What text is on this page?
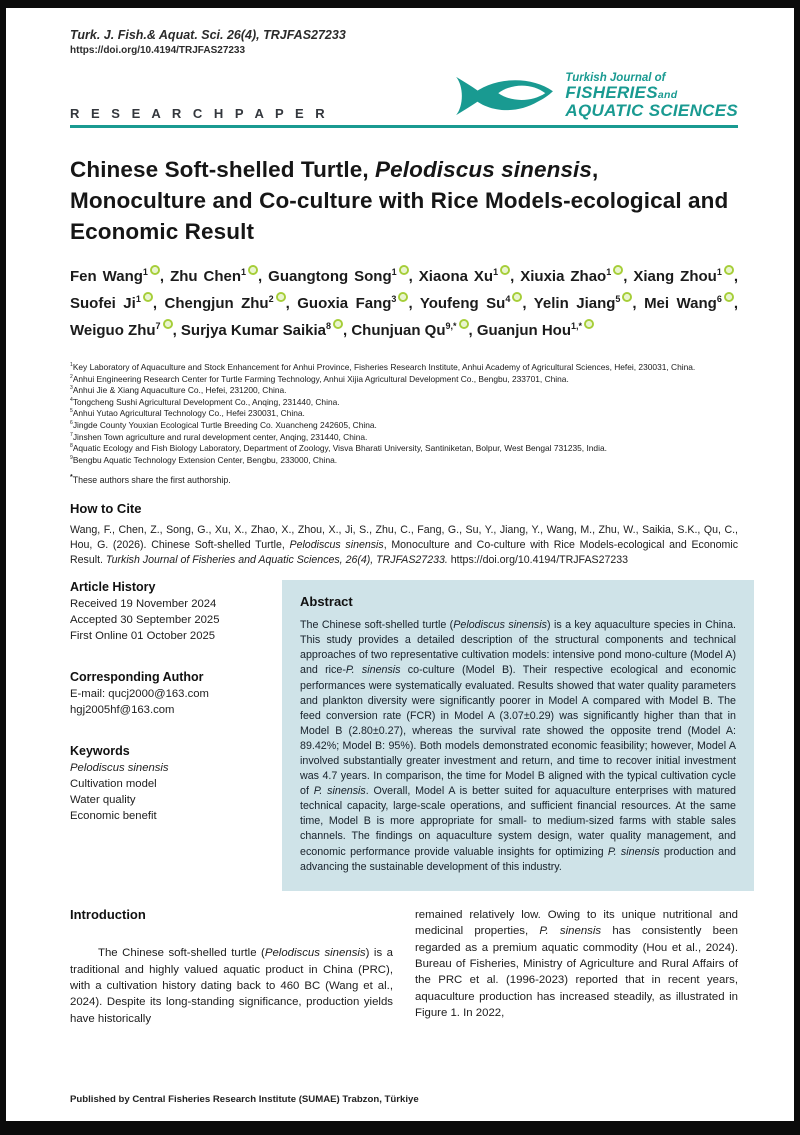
Turk. J. Fish.& Aquat. Sci. 26(4), TRJFAS27233
https://doi.org/10.4194/TRJFAS27233
R E S E A R C H P A P E R
Turkish Journal of
FISHERIESand
AQUATIC SCIENCES
Chinese Soft-shelled Turtle, Pelodiscus sinensis, Monoculture and Co-culture with Rice Models-ecological and Economic Result
Fen Wang$^1$ , Zhu Chen$^1$ , Guangtong Song$^1$ , Xiaona Xu$^1$ , Xiuxia Zhao$^1$ , Xiang Zhou$^1$ , Suofei Ji$^1$ , Chengjun Zhu$^2$ , Guoxia Fang$^3$ , Youfeng Su$^4$ , Yelin Jiang$^5$ , Mei Wang$^6$ , Weiguo Zhu$^7$ , Surjya Kumar Saikia$^8$ , Chunjuan $Qu^{9,*}$ , Guanjun Hou$^{1,*}$
$^1$Key Laboratory of Aquaculture and Stock Enhancement for Anhui Province, Fisheries Research Institute, Anhui Academy of Agricultural Sciences, Hefei, 230031, China.
$^2$Anhui Engineering Research Center for Turtle Farming Technology, Anhui Xijia Agricultural Development Co., Bengbu, 233701, China.
$^3$Anhui Jie & Xiang Aquaculture Co., Hefei, 231200, China.
$^4$Tongcheng Sushi Agricultural Development Co., Anqing, 231440, China.
$^5$Anhui Yutao Agricultural Technology Co., Hefei 230031, China.
$^6$Jingde County Youxian Ecological Turtle Breeding Co. Xuancheng 242605, China.
$^7$Jinshen Town agriculture and rural development center, Anqing, 231440, China.
$^8$Aquatic Ecology and Fish Biology Laboratory, Department of Zoology, Visva Bharati University, Santiniketan, Bolpur, West Bengal 731235, India.
$^9$Bengbu Aquatic Technology Extension Center, Bengbu, 233000, China.
*These authors share the first authorship.
How to Cite
Wang, F., Chen, Z., Song, G., Xu, X., Zhao, X., Zhou, X., Ji, S., Zhu, C., Fang, G., Su, Y., Jiang, Y., Wang, M., Zhu, W., Saikia, S.K., Qu, C., Hou, G. (2026). Chinese Soft-shelled Turtle, Pelodiscus sinensis, Monoculture and Co-culture with Rice Models-ecological and Economic Result. Turkish Journal of Fisheries and Aquatic Sciences, 26(4), TRJFAS27233. https://doi.org/10.4194/TRJFAS27233
Article History
Received 19 November 2024
Accepted 30 September 2025
First Online 01 October 2025
Corresponding Author
E-mail: qucj2000@163.com
hgj2005hf@163.com
Keywords
Pelodiscus sinensis
Cultivation model
Water quality
Economic benefit
Abstract
The Chinese soft-shelled turtle (Pelodiscus sinensis) is a key aquaculture species in China. This study provides a detailed description of the structural components and technical approaches of two representative cultivation models: intensive pond mono-culture (Model A) and rice-P. sinensis co-culture (Model B). Their respective ecological and economic performances were systematically evaluated. Results showed that water quality parameters and plankton diversity were significantly poorer in Model A compared with Model B. The feed conversion rate (FCR) in Model A (3.07±0.29) was significantly higher than that in Model B (2.80±0.27), whereas the survival rate showed the opposite trend (Model A: 89.42%; Model B: 95%). Both models demonstrated economic feasibility; however, Model A involved substantially greater investment and return, and time to recover initial investment was 4.7 years. In comparison, the time for Model B aligned with the typical cultivation cycle of P. sinensis. Overall, Model A is better suited for aquaculture enterprises with matured technical capacity, large-scale operations, and sufficient financial resources. At the same time, Model B is more appropriate for small- to medium-sized farms with stable sales channels. The findings on aquaculture system design, water quality management, and economic performance provide valuable insights for optimizing P. sinensis production and advancing the sustainable development of this industry.
Introduction

The Chinese soft-shelled turtle (Pelodiscus sinensis) is a traditional and highly valued aquatic product in China (PRC), with a cultivation history dating back to 460 BC (Wang et al., 2024). Despite its long-standing significance, production yields have historically

remained relatively low. Owing to its unique nutritional and medicinal properties, P. sinensis has consistently been regarded as a premium aquatic commodity (Hou et al., 2024). Bureau of Fisheries, Ministry of Agriculture and Rural Affairs of the PRC et al. (1996-2023) reported that in recent years, aquaculture production has increased steadily, as illustrated in Figure 1. In 2022,

Published by Central Fisheries Research Institute (SUMAE) Trabzon, Türkiye
